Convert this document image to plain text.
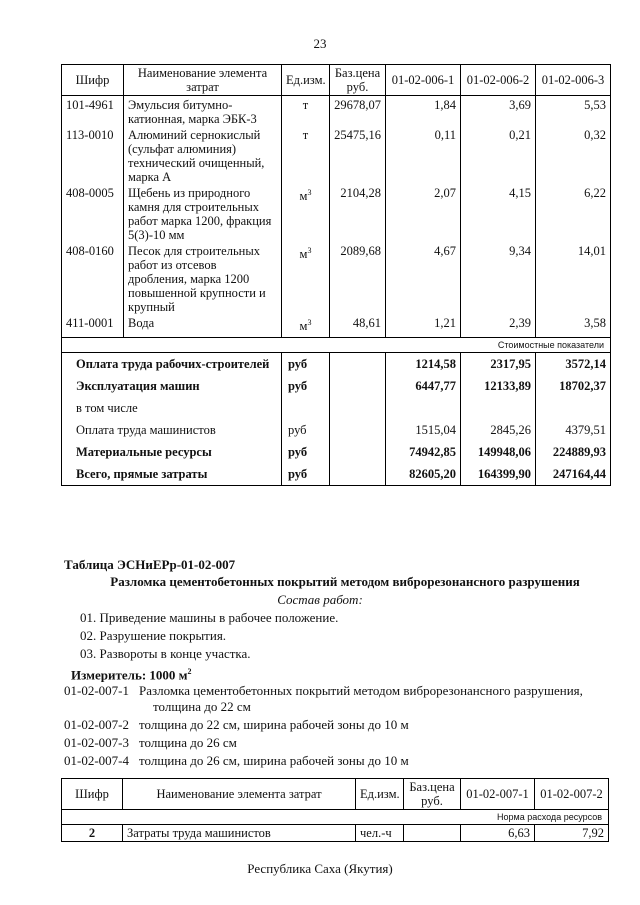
23
Шифр	Наименование элемента затрат	Ед.изм.	Баз.цена руб.	01-02-006-1	01-02-006-2	01-02-006-3
101-4961	Эмульсия битумно-
катионная, марка ЭБК-3	т	29678,07	1,84	3,69	5,53
113-0010	Алюминий сернокислый
(сульфат алюминия)
технический очищенный,
марка А	т	25475,16	0,11	0,21	0,32
408-0005	Щебень из природного
камня для строительных
работ марка 1200, фракция
5(3)-10 мм	$м^3$	2104,28	2,07	4,15	6,22
408-0160	Песок для строительных
работ из отсевов
дробления, марка 1200
повышенной крупности и
крупный	$м^3$	2089,68	4,67	9,34	14,01
411-0001	Вода	$м^3$	48,61	1,21	2,39	3,58
Стоимостные показатели						
Оплата труда рабочих-строителей		руб		1214,58	2317,95	3572,14
Эксплуатация машин		руб		6447,77	12133,89	18702,37
в том числе						
Оплата труда машинистов		руб		1515,04	2845,26	4379,51
Материальные ресурсы		руб		74942,85	149948,06	224889,93
Всего, прямые затраты		руб		82605,20	164399,90	247164,44
Таблица ЭСНиЕРр-01-02-007
Разломка цементобетонных покрытий методом виброрезонансного разрушения
Состав работ:
01. Приведение машины в рабочее положение.
02. Разрушение покрытия.
03. Развороты в конце участка.
Измеритель: 1000 $м^2$
01-02-007-1 Разломка цементобетонных покрытий методом виброрезонансного разрушения,
толщина до 22 см
01-02-007-2 толщина до 22 см, ширина рабочей зоны до 10 м
01-02-007-3 толщина до 26 см
01-02-007-4 толщина до 26 см, ширина рабочей зоны до 10 м
Шифр	Наименование элемента затрат	Ед.изм.	Баз.цена руб.	01-02-007-1	01-02-007-2
Норма расхода ресурсов					
2	Затраты труда машинистов	чел.-ч		6,63	7,92
Республика Саха (Якутия)
